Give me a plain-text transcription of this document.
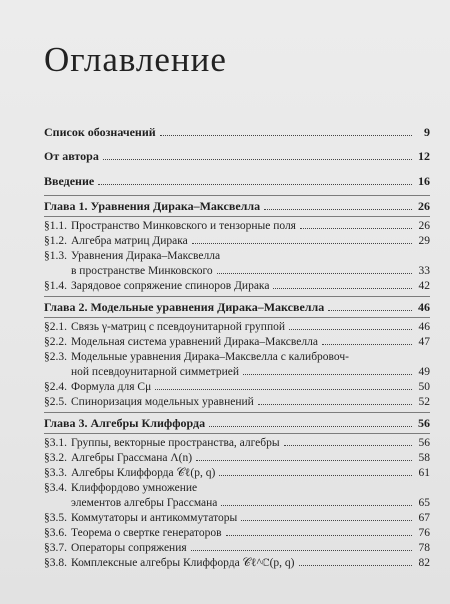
Оглавление
Список обозначений	9
От автора	12
Введение	16
Глава 1. Уравнения Дирака–Максвелла	26
§1.1. Пространство Минковского и тензорные поля	26
§1.2. Алгебра матриц Дирака	29
§1.3. Уравнения Дирака–Максвелла
в пространстве Минковского	33
§1.4. Зарядовое сопряжение спиноров Дирака	42
Глава 2. Модельные уравнения Дирака–Максвелла	46
§2.1. Связь γ-матриц с псевдоунитарной группой	46
§2.2. Модельная система уравнений Дирака–Максвелла	47
§2.3. Модельные уравнения Дирака–Максвелла с калибровоч-
ной псевдоунитарной симметрией	49
§2.4. Формула для Cμ	50
§2.5. Спиноризация модельных уравнений	52
Глава 3. Алгебры Клиффорда	56
§3.1. Группы, векторные пространства, алгебры	56
§3.2. Алгебры Грассмана Λ(n)	58
§3.3. Алгебры Клиффорда 𝒞ℓ(p, q)	61
§3.4. Клиффордово умножение
элементов алгебры Грассмана	65
§3.5. Коммутаторы и антикоммутаторы	67
§3.6. Теорема о свертке генераторов	76
§3.7. Операторы сопряжения	78
§3.8. Комплексные алгебры Клиффорда 𝒞ℓ^ℂ(p, q)	82
